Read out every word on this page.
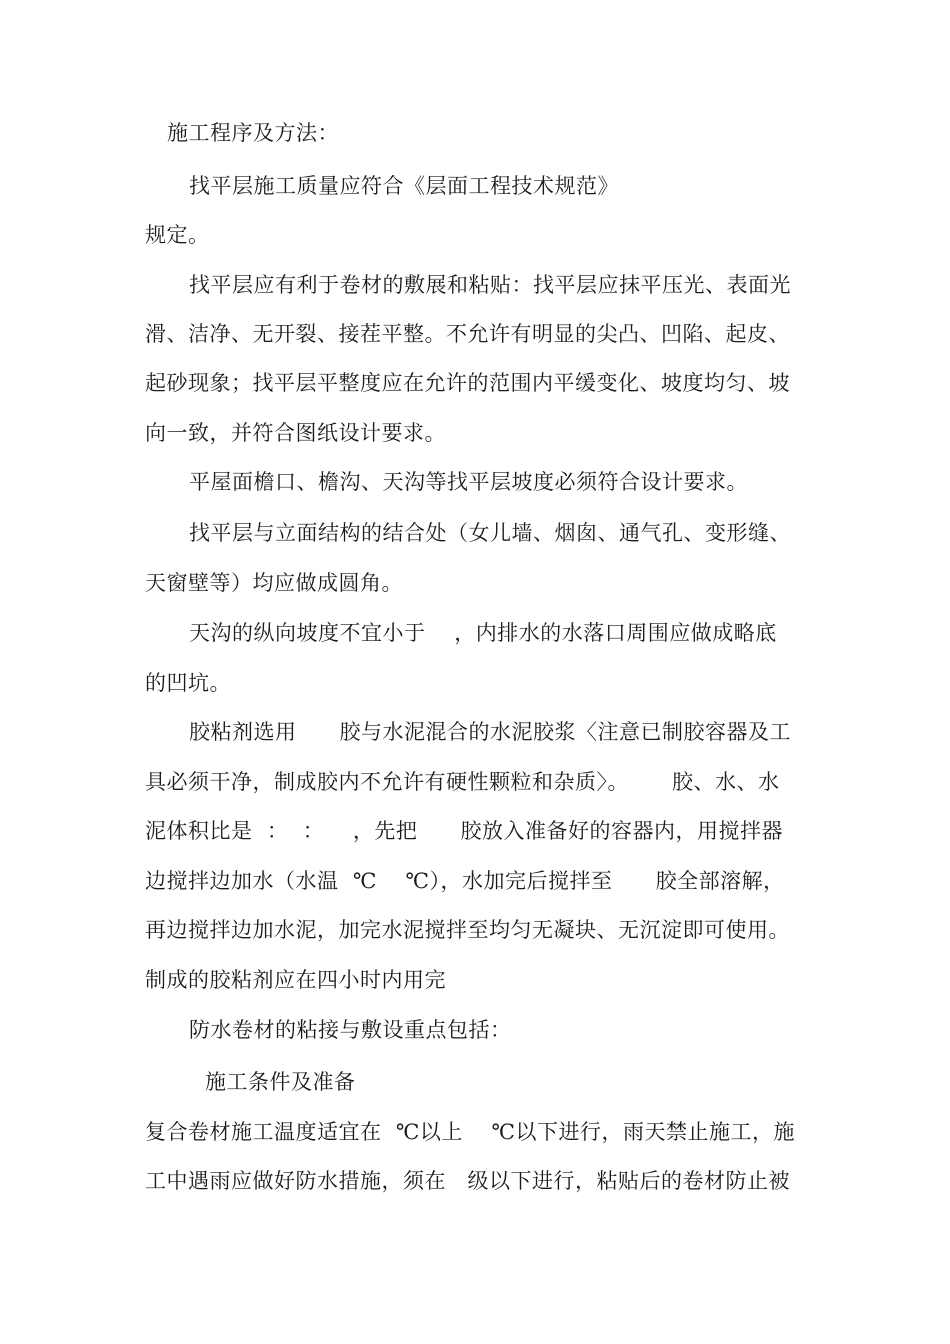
施工程序及方法：
找平层施工质量应符合《层面工程技术规范》
规定。
找平层应有利于卷材的敷展和粘贴：找平层应抹平压光、表面光
滑、洁净、无开裂、接茬平整。不允许有明显的尖凸、凹陷、起皮、
起砂现象；找平层平整度应在允许的范围内平缓变化、坡度均匀、坡
向一致，并符合图纸设计要求。
平屋面檐口、檐沟、天沟等找平层坡度必须符合设计要求。
找平层与立面结构的结合处（女儿墙、烟囱、通气孔、变形缝、
天窗壁等）均应做成圆角。
天沟的纵向坡度不宜小于    ，内排水的水落口周围应做成略底
的凹坑。
胶粘剂选用      胶与水泥混合的水泥胶浆〈注意已制胶容器及工
具必须干净，制成胶内不允许有硬性颗粒和杂质〉。      胶、水、水
泥体积比是  ：  ：    ，先把      胶放入准备好的容器内，用搅拌器
边搅拌边加水（水温  ℃    ℃），水加完后搅拌至      胶全部溶解，
再边搅拌边加水泥，加完水泥搅拌至均匀无凝块、无沉淀即可使用。
制成的胶粘剂应在四小时内用完
防水卷材的粘接与敷设重点包括：
施工条件及准备
复合卷材施工温度适宜在  ℃以上    ℃以下进行，雨天禁止施工，施
工中遇雨应做好防水措施，须在   级以下进行，粘贴后的卷材防止被
